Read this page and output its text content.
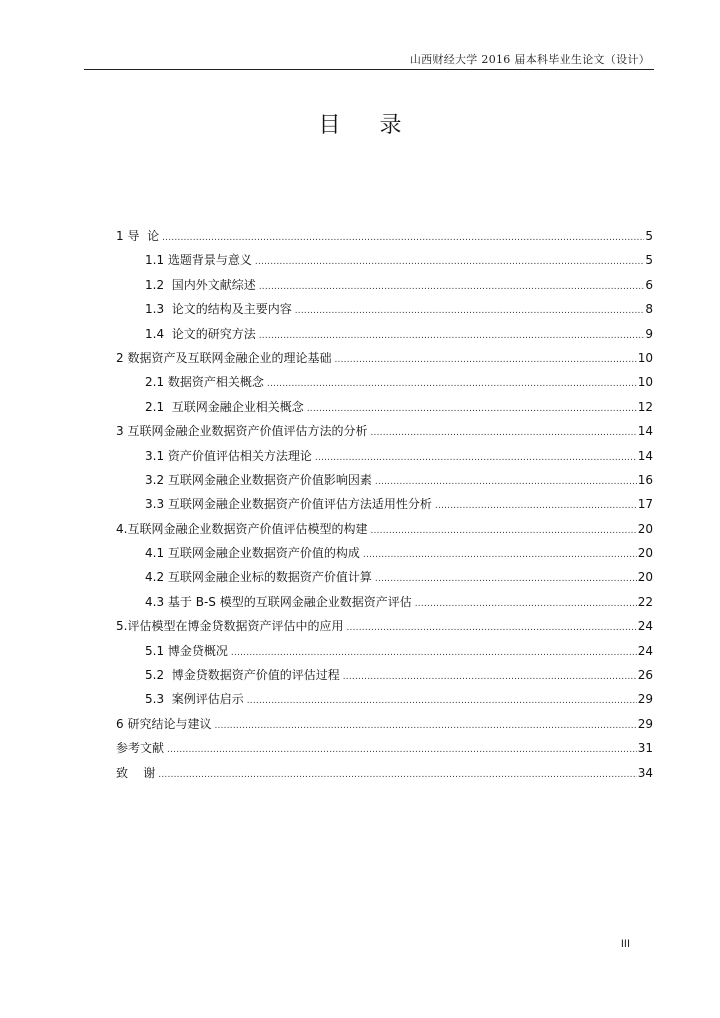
山西财经大学 2016 届本科毕业生论文（设计）
目 录
1 导  论 .....	5
1.1 选题背景与意义 .....	5
1.2  国内外文献综述 .....	6
1.3  论文的结构及主要内容 .....	8
1.4  论文的研究方法 .....	9
2 数据资产及互联网金融企业的理论基础 .....	10
2.1 数据资产相关概念 .....	10
2.1  互联网金融企业相关概念 .....	12
3 互联网金融企业数据资产价值评估方法的分析 .....	14
3.1 资产价值评估相关方法理论 .....	14
3.2 互联网金融企业数据资产价值影响因素 .....	16
3.3 互联网金融企业数据资产价值评估方法适用性分析 .....	17
4.互联网金融企业数据资产价值评估模型的构建 .....	20
4.1 互联网金融企业数据资产价值的构成 .....	20
4.2 互联网金融企业标的数据资产价值计算 .....	20
4.3 基于 B-S 模型的互联网金融企业数据资产评估 .....	22
5.评估模型在博金贷数据资产评估中的应用 .....	24
5.1 博金贷概况 .....	24
5.2  博金贷数据资产价值的评估过程 .....	26
5.3  案例评估启示 .....	29
6 研究结论与建议 .....	29
参考文献 .....	31
致    谢 .....	34
III
